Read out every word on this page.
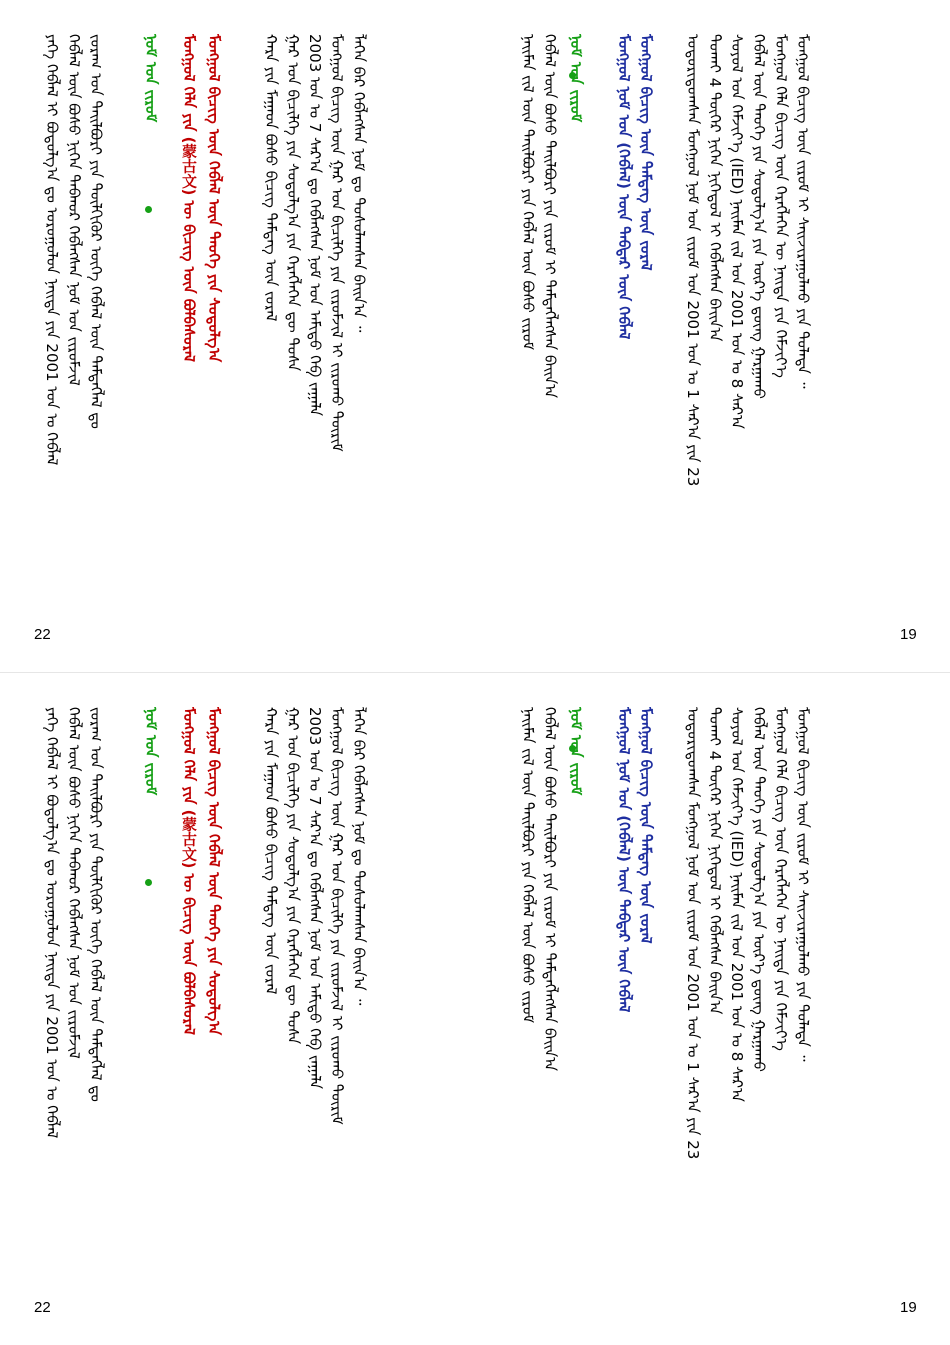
ᠶᠡᠬᠡ ᠬᠡᠪᠯᠡᠯ ᠢ ᠪᠣᠳᠤᠯᠭ᠎ᠠ ᠳᠤ ᠤᠷᠤᠭᠤᠯᠤᠨ ᠨᠡᠢᠲᠡ ᠶᠢᠨ 2001 ᠣᠨ ᠤ ᠬᠡᠪᠯᠡᠯ ᠬᠡᠪᠯᠡᠯ ᠦᠨ ᠪᠤᠰᠤ ᠨᠢᠭᠡᠨ ᠳᠠᠪᠬᠤᠷ ᠬᠡᠪᠯᠡᠭᠰᠡᠨ ᠨᠣᠮ ᠤᠨ ᠵᠢᠷᠤᠮᠵᠢᠯ ᠵᠤᠷᠠᠭ ᠤᠨ ᠲᠠᠢᠯᠪᠤᠷᠢ ᠶᠢᠨ ᠲᠦᠯᠬᠢᠭᠦᠷ ᠦᠭᠡ ᠬᠡᠪᠯᠡᠯ ᠦᠨ ᠲᠡᠮᠳᠡᠭᠯᠡᠯ ᠳᠤ ᠨᠣᠮ ᠤᠨ ᠵᠢᠷᠤᠮ ᠮᠣᠩᠭᠣᠯ ᠬᠡᠯᠡ ᠶᠢᠨ (蒙古文) ᠦ ᠪᠢᠴᠢᠭ᠌ ᠦᠨ ᠪᠣᠯᠪᠠᠰᠤᠷᠠᠯ ᠮᠣᠩᠭᠣᠯ ᠪᠢᠴᠢᠭ᠌ ᠦᠨ ᠬᠡᠪᠯᠡᠯ ᠦᠨ ᠲᠡᠦᠬᠡ ᠶᠢᠨ ᠰᠤᠳᠤᠯᠭ᠎ᠠ	ᠬᠠᠷᠠ ᠶᠢᠨ ᠮᠠᠭᠠᠳ ᠪᠤᠰᠤ ᠪᠢᠴᠢᠭ᠌ ᠲᠡᠮᠳᠡᠭ ᠦᠨ ᠵᠤᠷᠠᠯ ᠭᠠᠷ ᠤᠨ ᠪᠢᠴᠢᠯᠭᠡ ᠶᠢᠨ ᠰᠤᠳᠤᠯᠭ᠎ᠠ ᠶᠢᠨ ᠬᠡᠷᠡᠭᠯᠡᠭᠡᠨ ᠳᠦ ᠲᠤᠰᠠ 2003 ᠣᠨ ᠤ 7 ᠰᠠᠷ᠎ᠠ ᠳᠤ ᠬᠡᠪᠯᠡᠭᠰᠡᠨ ᠨᠣᠮ ᠤᠨ ᠠᠮᠢᠳᠤ ᠬᠡᠪ ᠵᠠᠭᠠᠯᠠ ᠮᠣᠩᠭᠣᠯ ᠪᠢᠴᠢᠭ᠌ ᠦᠨ ᠭᠠᠷ ᠤᠨ ᠪᠢᠴᠢᠯᠭᠡ ᠶᠢᠨ ᠵᠢᠷᠤᠮᠵᠢᠯ ᠢ ᠵᠢᠷᠤᠬᠤ ᠳᠦᠷᠢᠮ ᠯᠡᠭᠡᠨ ᠪᠠᠷ ᠬᠡᠪᠯᠡᠭᠰᠡᠨ ᠨᠣᠮ ᠳᠤ ᠲᠤᠰᠤᠯᠠᠭᠰᠠᠨ ᠪᠠᠢᠨ᠎ᠠ ᠃
22
ᠨᠠᠢᠮᠠᠨ ᠵᠢᠯ ᠦᠨ ᠲᠠᠢᠯᠪᠤᠷᠢ ᠶᠢᠨ ᠬᠡᠪᠯᠡᠯ ᠦᠨ ᠪᠤᠰᠤ ᠵᠢᠷᠤᠮ ᠬᠡᠪᠯᠡᠯ ᠦᠨ ᠪᠤᠰᠤ ᠲᠠᠢᠯᠪᠤᠷᠢ ᠶᠢᠨ ᠵᠢᠷᠤᠮ ᠢ ᠲᠡᠮᠳᠡᠭᠯᠡᠭᠰᠡᠨ ᠪᠠᠢᠨ᠎ᠠ ᠨᠣᠮ ᠤᠨ ᠵᠢᠷᠤᠮ ᠮᠣᠩᠭᠣᠯ ᠨᠣᠮ ᠤᠨ (ᠬᠡᠪᠯᠡᠯ) ᠦᠨ ᠳᠡᠪᠲᠡᠷ ᠦᠨ ᠬᠡᠪᠯᠡᠯ ᠮᠣᠩᠭᠣᠯ ᠪᠢᠴᠢᠭ᠌ ᠦᠨ ᠲᠡᠮᠳᠡᠭ ᠦᠨ ᠵᠤᠷᠠᠯ ᠤᠳᠤᠷᠢᠳᠤᠭᠰᠠᠨ ᠮᠣᠩᠭᠣᠯ ᠨᠣᠮ ᠤᠨ ᠵᠢᠷᠤᠮ ᠤᠨ 2001 ᠣᠨ ᠤ 1 ᠰᠠᠷ᠎ᠠ ᠶᠢᠨ 23 ᠲᠤᠬᠠᠢ 4 ᠳᠦᠭᠡᠷ ᠨᠢᠭᠡᠨ ᠨᠢᠭᠡᠳᠦᠯ ᠢ ᠬᠡᠪᠯᠡᠭᠰᠡᠨ ᠪᠠᠢᠨ᠎ᠠ ᠰᠣᠶᠣᠯ ᠤᠨ ᠬᠡᠮᠵᠢᠶ᠎ᠡ (IED) ᠨᠠᠢᠮᠠᠨ ᠵᠢᠯ ᠤᠨ 2001 ᠣᠨ ᠤ 8 ᠰᠠᠷ᠎ᠠ ᠬᠡᠪᠯᠡᠯ ᠦᠨ ᠲᠡᠦᠬᠡ ᠶᠢᠨ ᠰᠤᠳᠤᠯᠭ᠎ᠠ ᠶᠢᠨ ᠦᠷ᠎ᠡ ᠳ᠋ᠦᠩ ᠭᠠᠷᠭᠠᠬᠤ ᠮᠣᠩᠭᠣᠯ ᠬᠡᠯᠡ ᠪᠢᠴᠢᠭ᠌ ᠦᠨ ᠬᠡᠷᠡᠭᠯᠡᠭᠡᠨ ᠦ ᠨᠡᠢᠲᠡ ᠶᠢᠨ ᠬᠡᠮᠵᠢᠶ᠎ᠡ ᠮᠣᠩᠭᠣᠯ ᠪᠢᠴᠢᠭ᠌ ᠦᠨ ᠵᠢᠷᠤᠮ ᠢ ᠰᠠᠢᠵᠢᠷᠠᠭᠤᠯᠬᠤ ᠶᠢᠨ ᠲᠤᠯᠠᠳᠠ ᠃
19
ᠶᠡᠬᠡ ᠬᠡᠪᠯᠡᠯ ᠢ ᠪᠣᠳᠤᠯᠭ᠎ᠠ ᠳᠤ ᠤᠷᠤᠭᠤᠯᠤᠨ ᠨᠡᠢᠲᠡ ᠶᠢᠨ 2001 ᠣᠨ ᠤ ᠬᠡᠪᠯᠡᠯ ᠬᠡᠪᠯᠡᠯ ᠦᠨ ᠪᠤᠰᠤ ᠨᠢᠭᠡᠨ ᠳᠠᠪᠬᠤᠷ ᠬᠡᠪᠯᠡᠭᠰᠡᠨ ᠨᠣᠮ ᠤᠨ ᠵᠢᠷᠤᠮᠵᠢᠯ ᠵᠤᠷᠠᠭ ᠤᠨ ᠲᠠᠢᠯᠪᠤᠷᠢ ᠶᠢᠨ ᠲᠦᠯᠬᠢᠭᠦᠷ ᠦᠭᠡ ᠬᠡᠪᠯᠡᠯ ᠦᠨ ᠲᠡᠮᠳᠡᠭᠯᠡᠯ ᠳᠤ ᠨᠣᠮ ᠤᠨ ᠵᠢᠷᠤᠮ ᠮᠣᠩᠭᠣᠯ ᠬᠡᠯᠡ ᠶᠢᠨ (蒙古文) ᠦ ᠪᠢᠴᠢᠭ᠌ ᠦᠨ ᠪᠣᠯᠪᠠᠰᠤᠷᠠᠯ ᠮᠣᠩᠭᠣᠯ ᠪᠢᠴᠢᠭ᠌ ᠦᠨ ᠬᠡᠪᠯᠡᠯ ᠦᠨ ᠲᠡᠦᠬᠡ ᠶᠢᠨ ᠰᠤᠳᠤᠯᠭ᠎ᠠ	ᠬᠠᠷᠠ ᠶᠢᠨ ᠮᠠᠭᠠᠳ ᠪᠤᠰᠤ ᠪᠢᠴᠢᠭ᠌ ᠲᠡᠮᠳᠡᠭ ᠦᠨ ᠵᠤᠷᠠᠯ ᠭᠠᠷ ᠤᠨ ᠪᠢᠴᠢᠯᠭᠡ ᠶᠢᠨ ᠰᠤᠳᠤᠯᠭ᠎ᠠ ᠶᠢᠨ ᠬᠡᠷᠡᠭᠯᠡᠭᠡᠨ ᠳᠦ ᠲᠤᠰᠠ 2003 ᠣᠨ ᠤ 7 ᠰᠠᠷ᠎ᠠ ᠳᠤ ᠬᠡᠪᠯᠡᠭᠰᠡᠨ ᠨᠣᠮ ᠤᠨ ᠠᠮᠢᠳᠤ ᠬᠡᠪ ᠵᠠᠭᠠᠯᠠ ᠮᠣᠩᠭᠣᠯ ᠪᠢᠴᠢᠭ᠌ ᠦᠨ ᠭᠠᠷ ᠤᠨ ᠪᠢᠴᠢᠯᠭᠡ ᠶᠢᠨ ᠵᠢᠷᠤᠮᠵᠢᠯ ᠢ ᠵᠢᠷᠤᠬᠤ ᠳᠦᠷᠢᠮ ᠯᠡᠭᠡᠨ ᠪᠠᠷ ᠬᠡᠪᠯᠡᠭᠰᠡᠨ ᠨᠣᠮ ᠳᠤ ᠲᠤᠰᠤᠯᠠᠭᠰᠠᠨ ᠪᠠᠢᠨ᠎ᠠ ᠃
22
ᠨᠠᠢᠮᠠᠨ ᠵᠢᠯ ᠦᠨ ᠲᠠᠢᠯᠪᠤᠷᠢ ᠶᠢᠨ ᠬᠡᠪᠯᠡᠯ ᠦᠨ ᠪᠤᠰᠤ ᠵᠢᠷᠤᠮ ᠬᠡᠪᠯᠡᠯ ᠦᠨ ᠪᠤᠰᠤ ᠲᠠᠢᠯᠪᠤᠷᠢ ᠶᠢᠨ ᠵᠢᠷᠤᠮ ᠢ ᠲᠡᠮᠳᠡᠭᠯᠡᠭᠰᠡᠨ ᠪᠠᠢᠨ᠎ᠠ ᠨᠣᠮ ᠤᠨ ᠵᠢᠷᠤᠮ ᠮᠣᠩᠭᠣᠯ ᠨᠣᠮ ᠤᠨ (ᠬᠡᠪᠯᠡᠯ) ᠦᠨ ᠳᠡᠪᠲᠡᠷ ᠦᠨ ᠬᠡᠪᠯᠡᠯ ᠮᠣᠩᠭᠣᠯ ᠪᠢᠴᠢᠭ᠌ ᠦᠨ ᠲᠡᠮᠳᠡᠭ ᠦᠨ ᠵᠤᠷᠠᠯ ᠤᠳᠤᠷᠢᠳᠤᠭᠰᠠᠨ ᠮᠣᠩᠭᠣᠯ ᠨᠣᠮ ᠤᠨ ᠵᠢᠷᠤᠮ ᠤᠨ 2001 ᠣᠨ ᠤ 1 ᠰᠠᠷ᠎ᠠ ᠶᠢᠨ 23 ᠲᠤᠬᠠᠢ 4 ᠳᠦᠭᠡᠷ ᠨᠢᠭᠡᠨ ᠨᠢᠭᠡᠳᠦᠯ ᠢ ᠬᠡᠪᠯᠡᠭᠰᠡᠨ ᠪᠠᠢᠨ᠎ᠠ ᠰᠣᠶᠣᠯ ᠤᠨ ᠬᠡᠮᠵᠢᠶ᠎ᠡ (IED) ᠨᠠᠢᠮᠠᠨ ᠵᠢᠯ ᠤᠨ 2001 ᠣᠨ ᠤ 8 ᠰᠠᠷ᠎ᠠ ᠬᠡᠪᠯᠡᠯ ᠦᠨ ᠲᠡᠦᠬᠡ ᠶᠢᠨ ᠰᠤᠳᠤᠯᠭ᠎ᠠ ᠶᠢᠨ ᠦᠷ᠎ᠡ ᠳ᠋ᠦᠩ ᠭᠠᠷᠭᠠᠬᠤ ᠮᠣᠩᠭᠣᠯ ᠬᠡᠯᠡ ᠪᠢᠴᠢᠭ᠌ ᠦᠨ ᠬᠡᠷᠡᠭᠯᠡᠭᠡᠨ ᠦ ᠨᠡᠢᠲᠡ ᠶᠢᠨ ᠬᠡᠮᠵᠢᠶ᠎ᠡ ᠮᠣᠩᠭᠣᠯ ᠪᠢᠴᠢᠭ᠌ ᠦᠨ ᠵᠢᠷᠤᠮ ᠢ ᠰᠠᠢᠵᠢᠷᠠᠭᠤᠯᠬᠤ ᠶᠢᠨ ᠲᠤᠯᠠᠳᠠ ᠃
19
